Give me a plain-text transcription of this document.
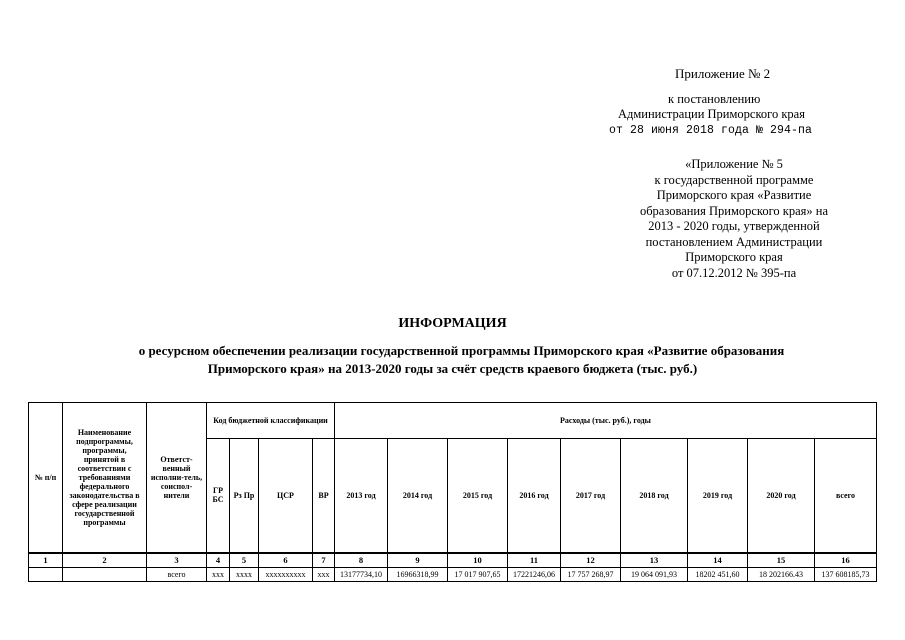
Приложение № 2
к постановлению
Администрации Приморского края
от 28 июня 2018 года № 294-па
«Приложение № 5
к государственной программе
Приморского края «Развитие
образования Приморского края» на
2013 - 2020 годы, утвержденной
постановлением Администрации
Приморского края
от 07.12.2012 № 395-па
ИНФОРМАЦИЯ
о ресурсном обеспечении реализации государственной программы Приморского края «Развитие образования
Приморского края» на 2013-2020 годы за счёт средств краевого бюджета (тыс. руб.)
№ п/п	Наименование подпрограммы, программы, принятой в соответствии с требованиями федерального законодательства в сфере реализации государственной программы	Ответст-венный исполни-тель, соиспол-нители	Код бюджетной классификации				Расходы (тыс. руб.), годы								
			ГР БС	Рз Пр	ЦСР	ВР	2013 год	2014 год	2015 год	2016 год	2017 год	2018 год	2019 год	2020 год	всего
1	2	3	4	5	6	7	8	9	10	11	12	13	14	15	16
		всего	ххх	хххх	хххххххххх	ххх	13177734,10	16966318,99	17 017 907,65	17221246,06	17 757 268,97	19 064 091,93	18202 451,60	18 202166.43	137 608185,73
